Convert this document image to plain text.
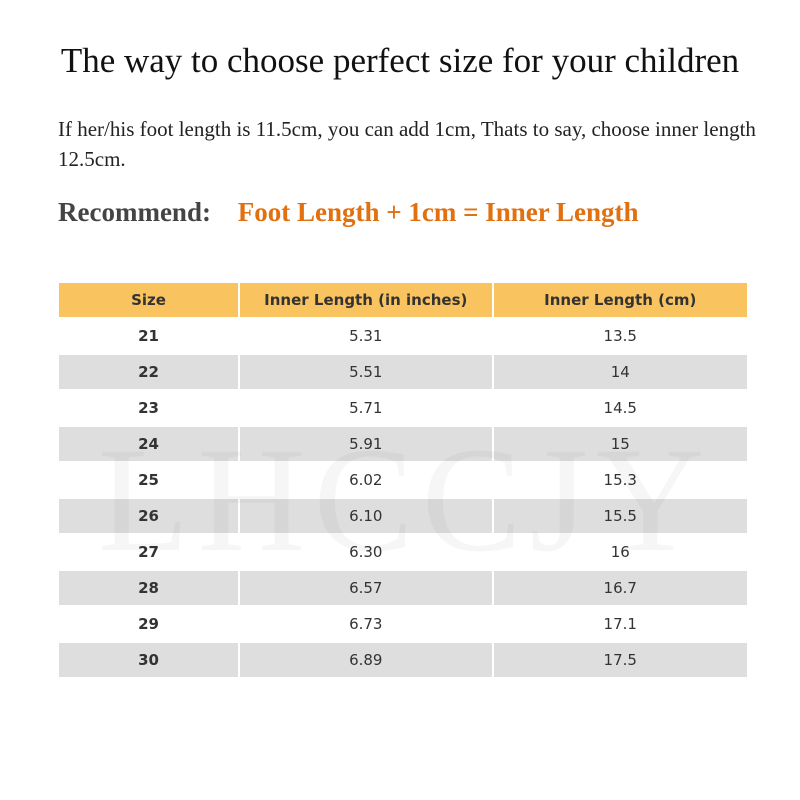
The way to choose perfect size for your children
If her/his foot length is 11.5cm, you can add 1cm, Thats to say, choose inner length 12.5cm.
Recommend: Foot Length + 1cm = Inner Length
Size	Inner Length (in inches)	Inner Length (cm)
21	5.31	13.5
22	5.51	14
23	5.71	14.5
24	5.91	15
25	6.02	15.3
26	6.10	15.5
27	6.30	16
28	6.57	16.7
29	6.73	17.1
30	6.89	17.5
